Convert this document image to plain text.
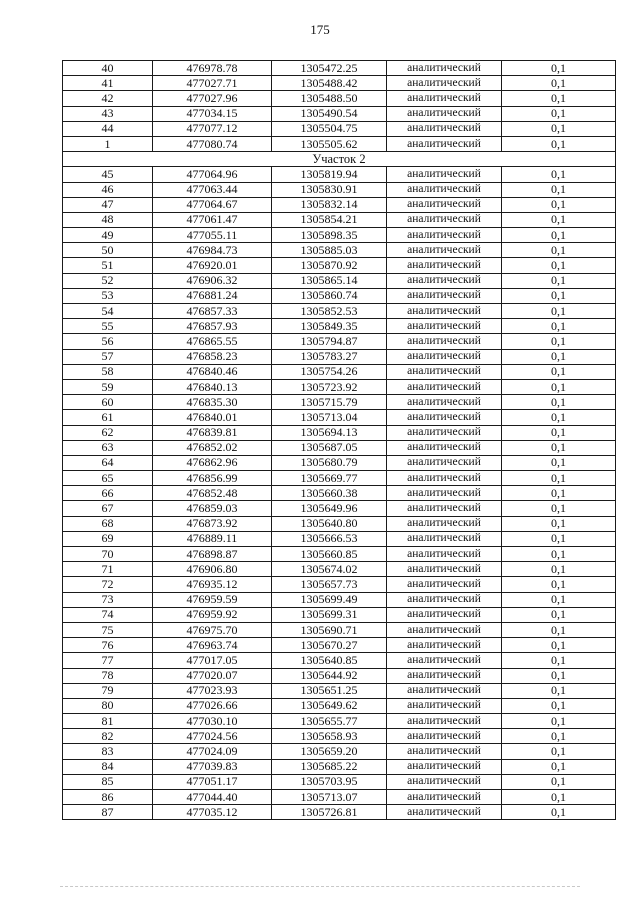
175
40	476978.78	1305472.25	аналитический	0,1
41	477027.71	1305488.42	аналитический	0,1
42	477027.96	1305488.50	аналитический	0,1
43	477034.15	1305490.54	аналитический	0,1
44	477077.12	1305504.75	аналитический	0,1
1	477080.74	1305505.62	аналитический	0,1
Участок 2				
45	477064.96	1305819.94	аналитический	0,1
46	477063.44	1305830.91	аналитический	0,1
47	477064.67	1305832.14	аналитический	0,1
48	477061.47	1305854.21	аналитический	0,1
49	477055.11	1305898.35	аналитический	0,1
50	476984.73	1305885.03	аналитический	0,1
51	476920.01	1305870.92	аналитический	0,1
52	476906.32	1305865.14	аналитический	0,1
53	476881.24	1305860.74	аналитический	0,1
54	476857.33	1305852.53	аналитический	0,1
55	476857.93	1305849.35	аналитический	0,1
56	476865.55	1305794.87	аналитический	0,1
57	476858.23	1305783.27	аналитический	0,1
58	476840.46	1305754.26	аналитический	0,1
59	476840.13	1305723.92	аналитический	0,1
60	476835.30	1305715.79	аналитический	0,1
61	476840.01	1305713.04	аналитический	0,1
62	476839.81	1305694.13	аналитический	0,1
63	476852.02	1305687.05	аналитический	0,1
64	476862.96	1305680.79	аналитический	0,1
65	476856.99	1305669.77	аналитический	0,1
66	476852.48	1305660.38	аналитический	0,1
67	476859.03	1305649.96	аналитический	0,1
68	476873.92	1305640.80	аналитический	0,1
69	476889.11	1305666.53	аналитический	0,1
70	476898.87	1305660.85	аналитический	0,1
71	476906.80	1305674.02	аналитический	0,1
72	476935.12	1305657.73	аналитический	0,1
73	476959.59	1305699.49	аналитический	0,1
74	476959.92	1305699.31	аналитический	0,1
75	476975.70	1305690.71	аналитический	0,1
76	476963.74	1305670.27	аналитический	0,1
77	477017.05	1305640.85	аналитический	0,1
78	477020.07	1305644.92	аналитический	0,1
79	477023.93	1305651.25	аналитический	0,1
80	477026.66	1305649.62	аналитический	0,1
81	477030.10	1305655.77	аналитический	0,1
82	477024.56	1305658.93	аналитический	0,1
83	477024.09	1305659.20	аналитический	0,1
84	477039.83	1305685.22	аналитический	0,1
85	477051.17	1305703.95	аналитический	0,1
86	477044.40	1305713.07	аналитический	0,1
87	477035.12	1305726.81	аналитический	0,1
